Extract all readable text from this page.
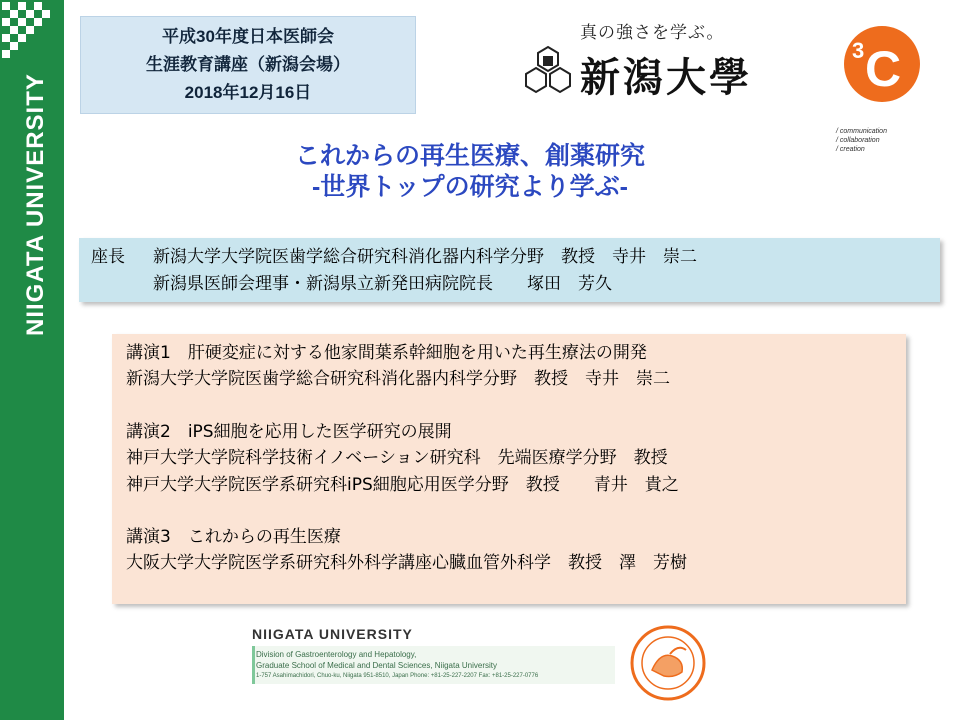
NIIGATA UNIVERSITY
平成30年度日本医師会
生涯教育講座（新潟会場）
2018年12月16日
真の強さを学ぶ。
新潟大學
3 C
/ communication
/ collaboration
/ creation
これからの再生医療、創薬研究
-世界トップの研究より学ぶ-
座長 新潟大学大学院医歯学総合研究科消化器内科学分野　教授　寺井　崇二
新潟県医師会理事・新潟県立新発田病院院長　　塚田　芳久
講演1　肝硬変症に対する他家間葉系幹細胞を用いた再生療法の開発
新潟大学大学院医歯学総合研究科消化器内科学分野　教授　寺井　崇二
講演2　iPS細胞を応用した医学研究の展開
神戸大学大学院科学技術イノベーション研究科　先端医療学分野　教授
神戸大学大学院医学系研究科iPS細胞応用医学分野　教授　　青井　貴之
講演3　これからの再生医療
大阪大学大学院医学系研究科外科学講座心臓血管外科学　教授　澤　芳樹
NIIGATA UNIVERSITY
Division of Gastroenterology and Hepatology,
Graduate School of Medical and Dental Sciences, Niigata University
1-757 Asahimachidori, Chuo-ku, Niigata 951-8510, Japan Phone: +81-25-227-2207 Fax: +81-25-227-0776
